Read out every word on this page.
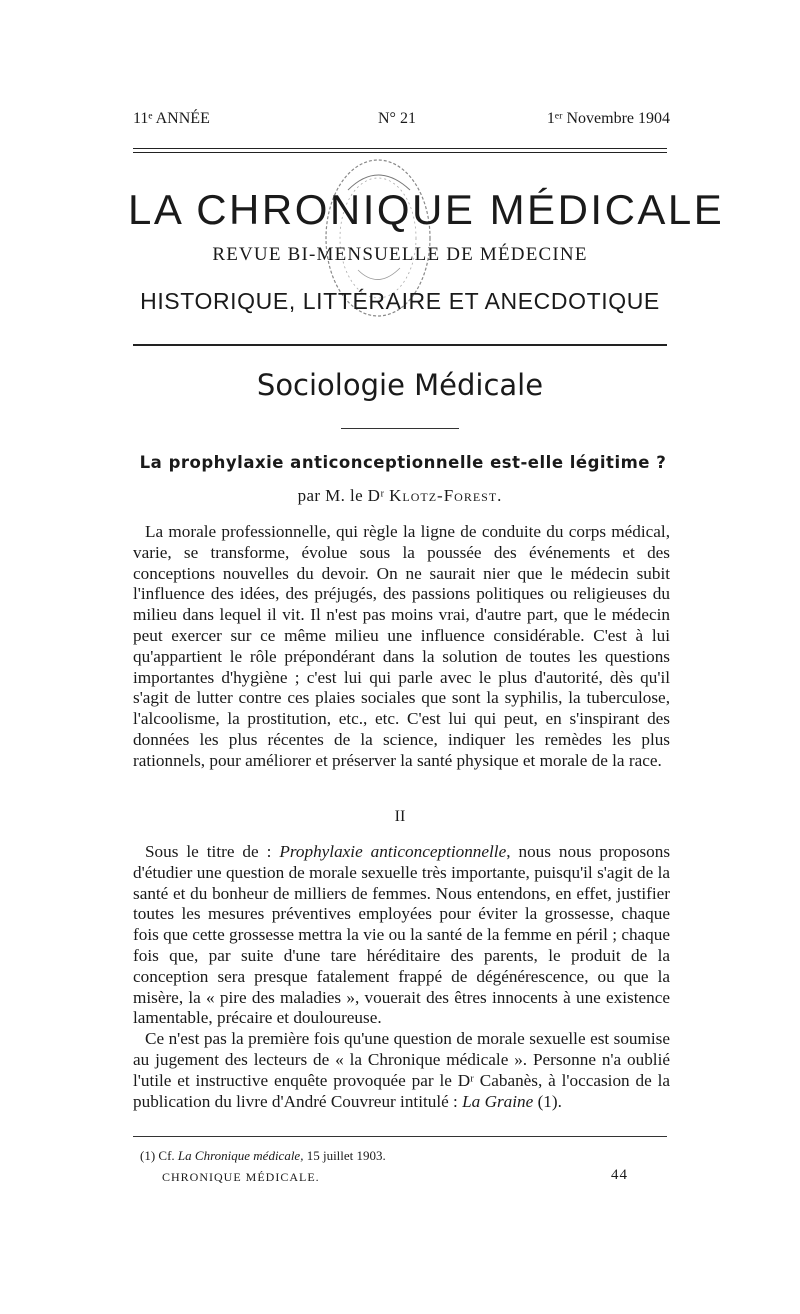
11ᵉ ANNÉE	N° 21	1ᵉʳ Novembre 1904
LA CHRONIQUE MÉDICALE
REVUE BI-MENSUELLE DE MÉDECINE
HISTORIQUE, LITTÉRAIRE ET ANECDOTIQUE
Sociologie Médicale
La prophylaxie anticonceptionnelle est-elle légitime ?
par M. le Dʳ Klotz-Forest.

La morale professionnelle, qui règle la ligne de conduite du corps médical, varie, se transforme, évolue sous la poussée des événements et des conceptions nouvelles du devoir. On ne saurait nier que le médecin subit l'influence des idées, des préjugés, des passions politiques ou religieuses du milieu dans lequel il vit. Il n'est pas moins vrai, d'autre part, que le médecin peut exercer sur ce même milieu une influence considérable. C'est à lui qu'appartient le rôle prépondérant dans la solution de toutes les questions importantes d'hygiène ; c'est lui qui parle avec le plus d'autorité, dès qu'il s'agit de lutter contre ces plaies sociales que sont la syphilis, la tuberculose, l'alcoolisme, la prostitution, etc., etc. C'est lui qui peut, en s'inspirant des données les plus récentes de la science, indiquer les remèdes les plus rationnels, pour améliorer et préserver la santé physique et morale de la race.

II

Sous le titre de : Prophylaxie anticonceptionnelle, nous nous proposons d'étudier une question de morale sexuelle très importante, puisqu'il s'agit de la santé et du bonheur de milliers de femmes. Nous entendons, en effet, justifier toutes les mesures préventives employées pour éviter la grossesse, chaque fois que cette grossesse mettra la vie ou la santé de la femme en péril ; chaque fois que, par suite d'une tare héréditaire des parents, le produit de la conception sera presque fatalement frappé de dégénérescence, ou que la misère, la « pire des maladies », vouerait des êtres innocents à une existence lamentable, précaire et douloureuse.

Ce n'est pas la première fois qu'une question de morale sexuelle est soumise au jugement des lecteurs de « la Chronique médicale ». Personne n'a oublié l'utile et instructive enquête provoquée par le Dʳ Cabanès, à l'occasion de la publication du livre d'André Couvreur intitulé : La Graine (1).

(1) Cf. La Chronique médicale, 15 juillet 1903.
CHRONIQUE MÉDICALE.	44
